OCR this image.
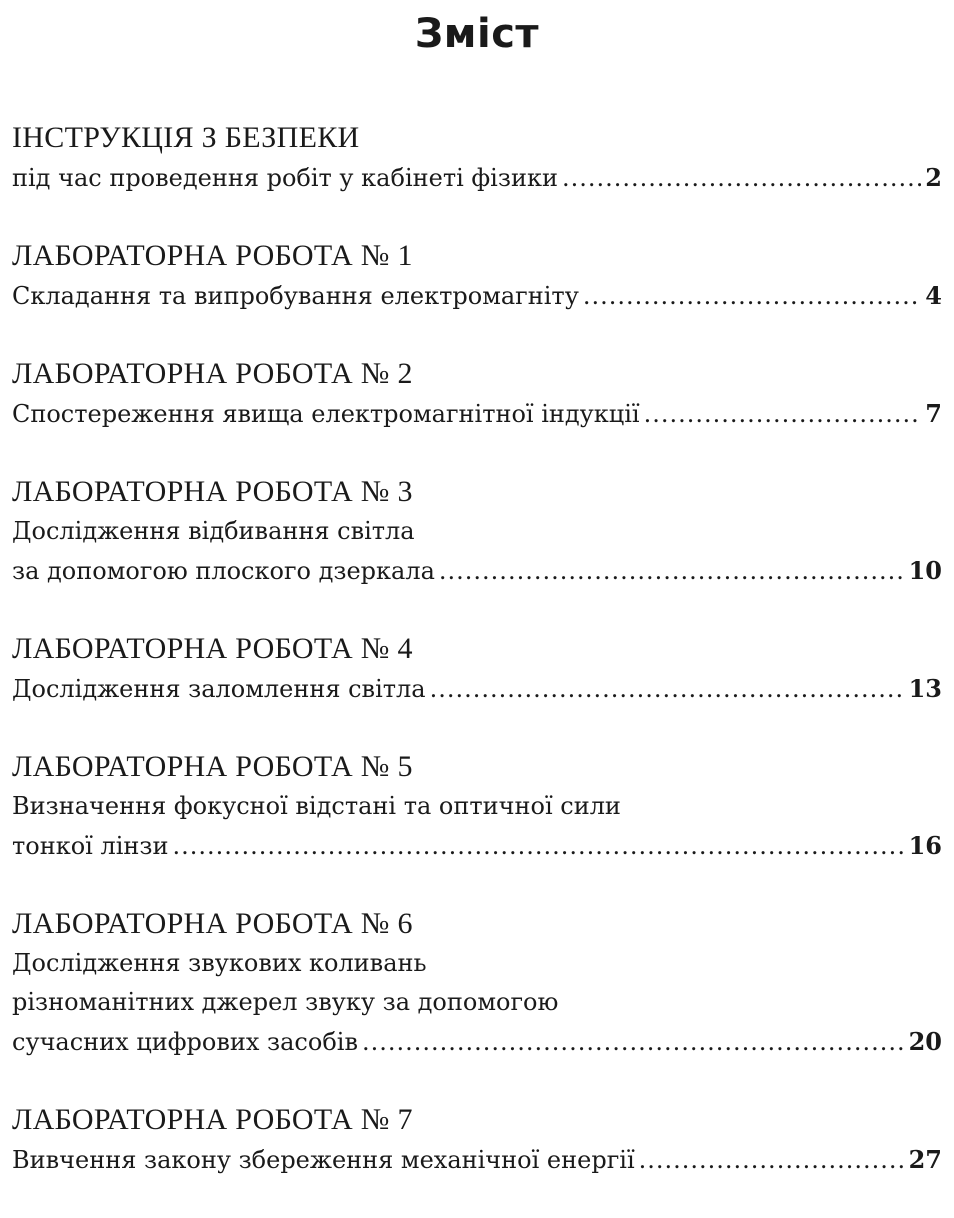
Зміст
ІНСТРУКЦІЯ З БЕЗПЕКИ
під час проведення робіт у кабінеті фізики .....	2
ЛАБОРАТОРНА РОБОТА № 1
Складання та випробування електромагніту .....	4
ЛАБОРАТОРНА РОБОТА № 2
Спостереження явища електромагнітної індукції .....	7
ЛАБОРАТОРНА РОБОТА № 3
Дослідження відбивання світла
за допомогою плоского дзеркала .....	10
ЛАБОРАТОРНА РОБОТА № 4
Дослідження заломлення світла .....	13
ЛАБОРАТОРНА РОБОТА № 5
Визначення фокусної відстані та оптичної сили
тонкої лінзи .....	16
ЛАБОРАТОРНА РОБОТА № 6
Дослідження звукових коливань
різноманітних джерел звуку за допомогою
сучасних цифрових засобів .....	20
ЛАБОРАТОРНА РОБОТА № 7
Вивчення закону збереження механічної енергії .....	27
